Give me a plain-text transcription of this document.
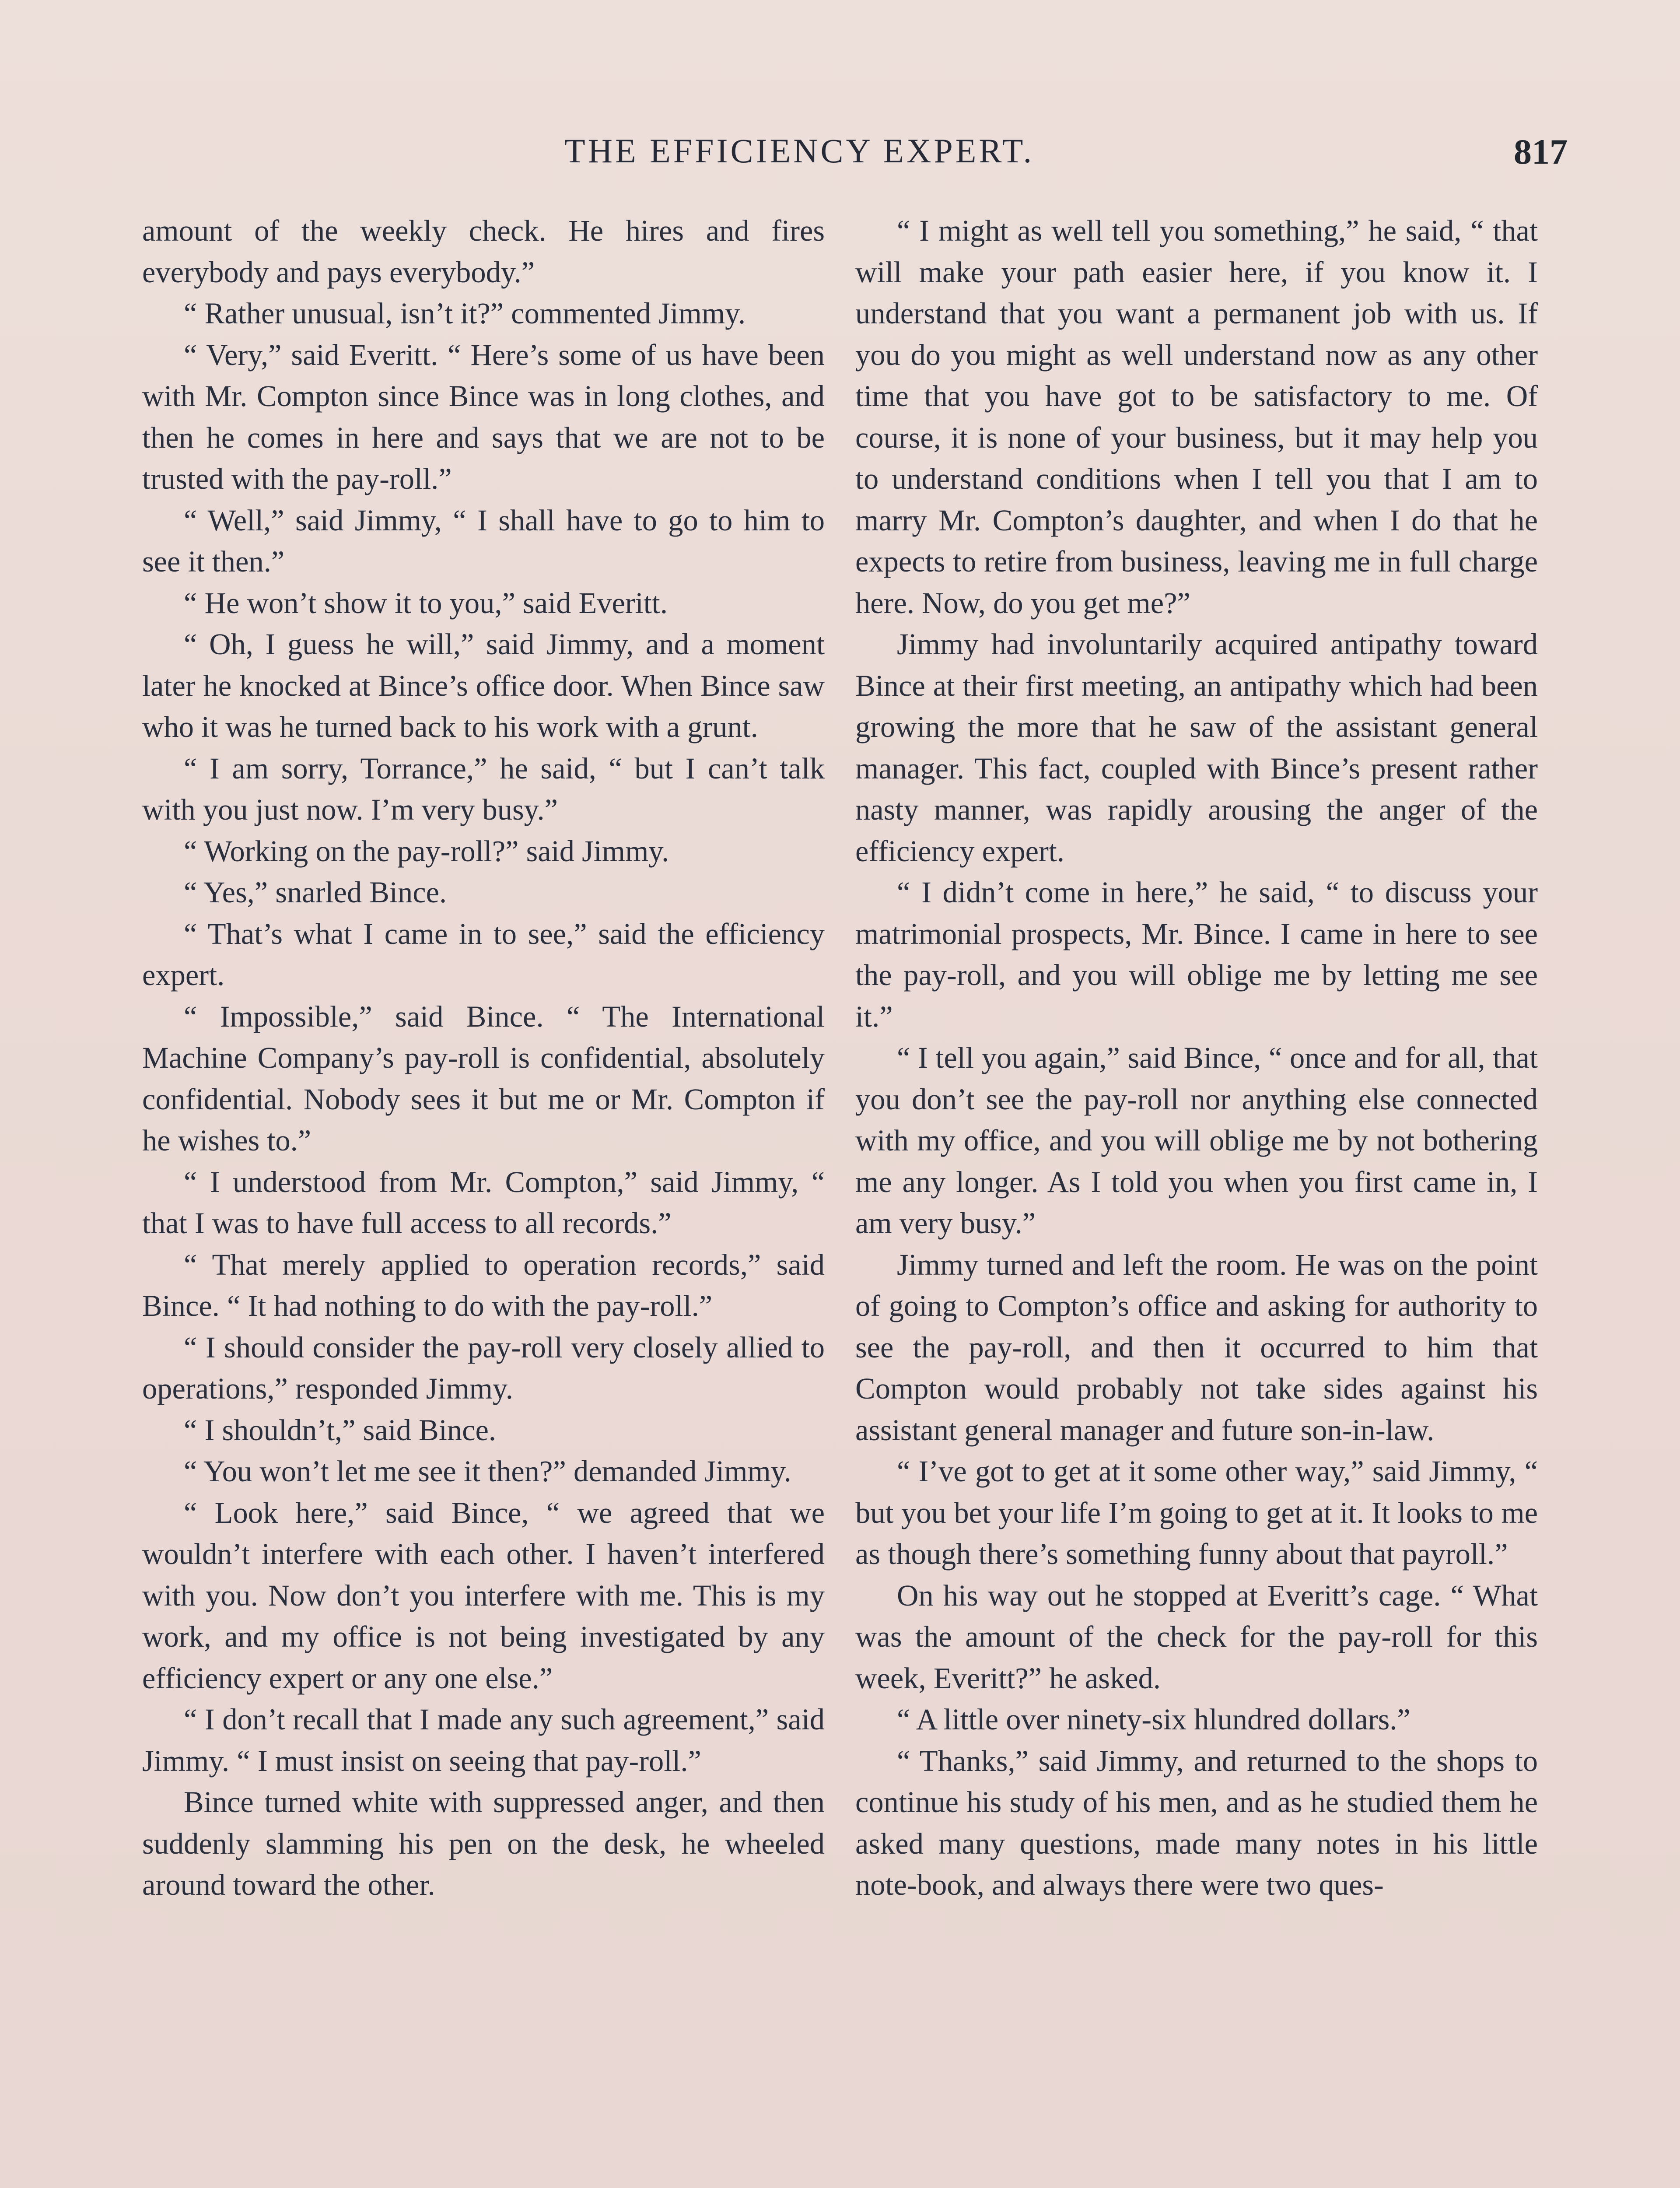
THE EFFICIENCY EXPERT.	817

amount of the weekly check. He hires and fires everybody and pays everybody.”

“ Rather unusual, isn’t it?” commented Jimmy.

“ Very,” said Everitt. “ Here’s some of us have been with Mr. Compton since Bince was in long clothes, and then he comes in here and says that we are not to be trusted with the pay-roll.”

“ Well,” said Jimmy, “ I shall have to go to him to see it then.”

“ He won’t show it to you,” said Everitt.

“ Oh, I guess he will,” said Jimmy, and a moment later he knocked at Bince’s office door. When Bince saw who it was he turned back to his work with a grunt.

“ I am sorry, Torrance,” he said, “ but I can’t talk with you just now. I’m very busy.”

“ Working on the pay-roll?” said Jimmy.

“ Yes,” snarled Bince.

“ That’s what I came in to see,” said the efficiency expert.

“ Impossible,” said Bince. “ The International Machine Company’s pay-roll is confidential, absolutely confidential. Nobody sees it but me or Mr. Compton if he wishes to.”

“ I understood from Mr. Compton,” said Jimmy, “ that I was to have full access to all records.”

“ That merely applied to operation records,” said Bince. “ It had nothing to do with the pay-roll.”

“ I should consider the pay-roll very closely allied to operations,” responded Jimmy.

“ I shouldn’t,” said Bince.

“ You won’t let me see it then?” demanded Jimmy.

“ Look here,” said Bince, “ we agreed that we wouldn’t interfere with each other. I haven’t interfered with you. Now don’t you interfere with me. This is my work, and my office is not being investigated by any efficiency expert or any one else.”

“ I don’t recall that I made any such agreement,” said Jimmy. “ I must insist on seeing that pay-roll.”

Bince turned white with suppressed anger, and then suddenly slamming his pen on the desk, he wheeled around toward the other.

“ I might as well tell you something,” he said, “ that will make your path easier here, if you know it. I understand that you want a permanent job with us. If you do you might as well understand now as any other time that you have got to be satisfactory to me. Of course, it is none of your business, but it may help you to understand conditions when I tell you that I am to marry Mr. Compton’s daughter, and when I do that he expects to retire from business, leaving me in full charge here. Now, do you get me?”

Jimmy had involuntarily acquired antipathy toward Bince at their first meeting, an antipathy which had been growing the more that he saw of the assistant general manager. This fact, coupled with Bince’s present rather nasty manner, was rapidly arousing the anger of the efficiency expert.

“ I didn’t come in here,” he said, “ to discuss your matrimonial prospects, Mr. Bince. I came in here to see the pay-roll, and you will oblige me by letting me see it.”

“ I tell you again,” said Bince, “ once and for all, that you don’t see the pay-roll nor anything else connected with my office, and you will oblige me by not bothering me any longer. As I told you when you first came in, I am very busy.”

Jimmy turned and left the room. He was on the point of going to Compton’s office and asking for authority to see the pay-roll, and then it occurred to him that Compton would probably not take sides against his assistant general manager and future son-in-law.

“ I’ve got to get at it some other way,” said Jimmy, “ but you bet your life I’m going to get at it. It looks to me as though there’s something funny about that payroll.”

On his way out he stopped at Everitt’s cage. “ What was the amount of the check for the pay-roll for this week, Everitt?” he asked.

“ A little over ninety-six hlundred dollars.”

“ Thanks,” said Jimmy, and returned to the shops to continue his study of his men, and as he studied them he asked many questions, made many notes in his little note-book, and always there were two ques-
